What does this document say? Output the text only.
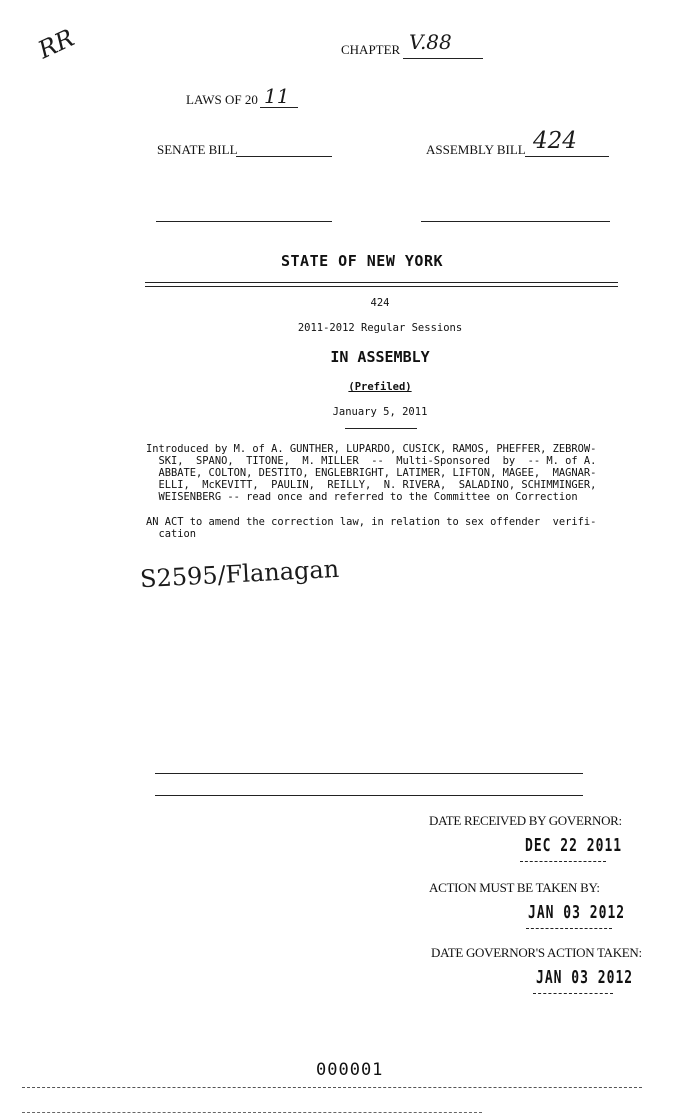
RR	CHAPTER V.88
LAWS OF 20 11
SENATE BILL	ASSEMBLY BILL 424
STATE OF NEW YORK
424
2011-2012 Regular Sessions
IN ASSEMBLY
(Prefiled)
January 5, 2011
Introduced by M. of A. GUNTHER, LUPARDO, CUSICK, RAMOS, PHEFFER, ZEBROW-
SKI,  SPANO,  TITONE,  M. MILLER  --  Multi-Sponsored  by  -- M. of A.
ABBATE, COLTON, DESTITO, ENGLEBRIGHT, LATIMER, LIFTON, MAGEE,  MAGNAR-
ELLI,  McKEVITT,  PAULIN,  REILLY,  N. RIVERA,  SALADINO, SCHIMMINGER,
WEISENBERG -- read once and referred to the Committee on Correction
AN ACT to amend the correction law, in relation to sex offender  verifi-
cation
S2595/Flanagan
DATE RECEIVED BY GOVERNOR:
DEC 22 2011
ACTION MUST BE TAKEN BY:
JAN 03 2012
DATE GOVERNOR'S ACTION TAKEN:
JAN 03 2012
000001
